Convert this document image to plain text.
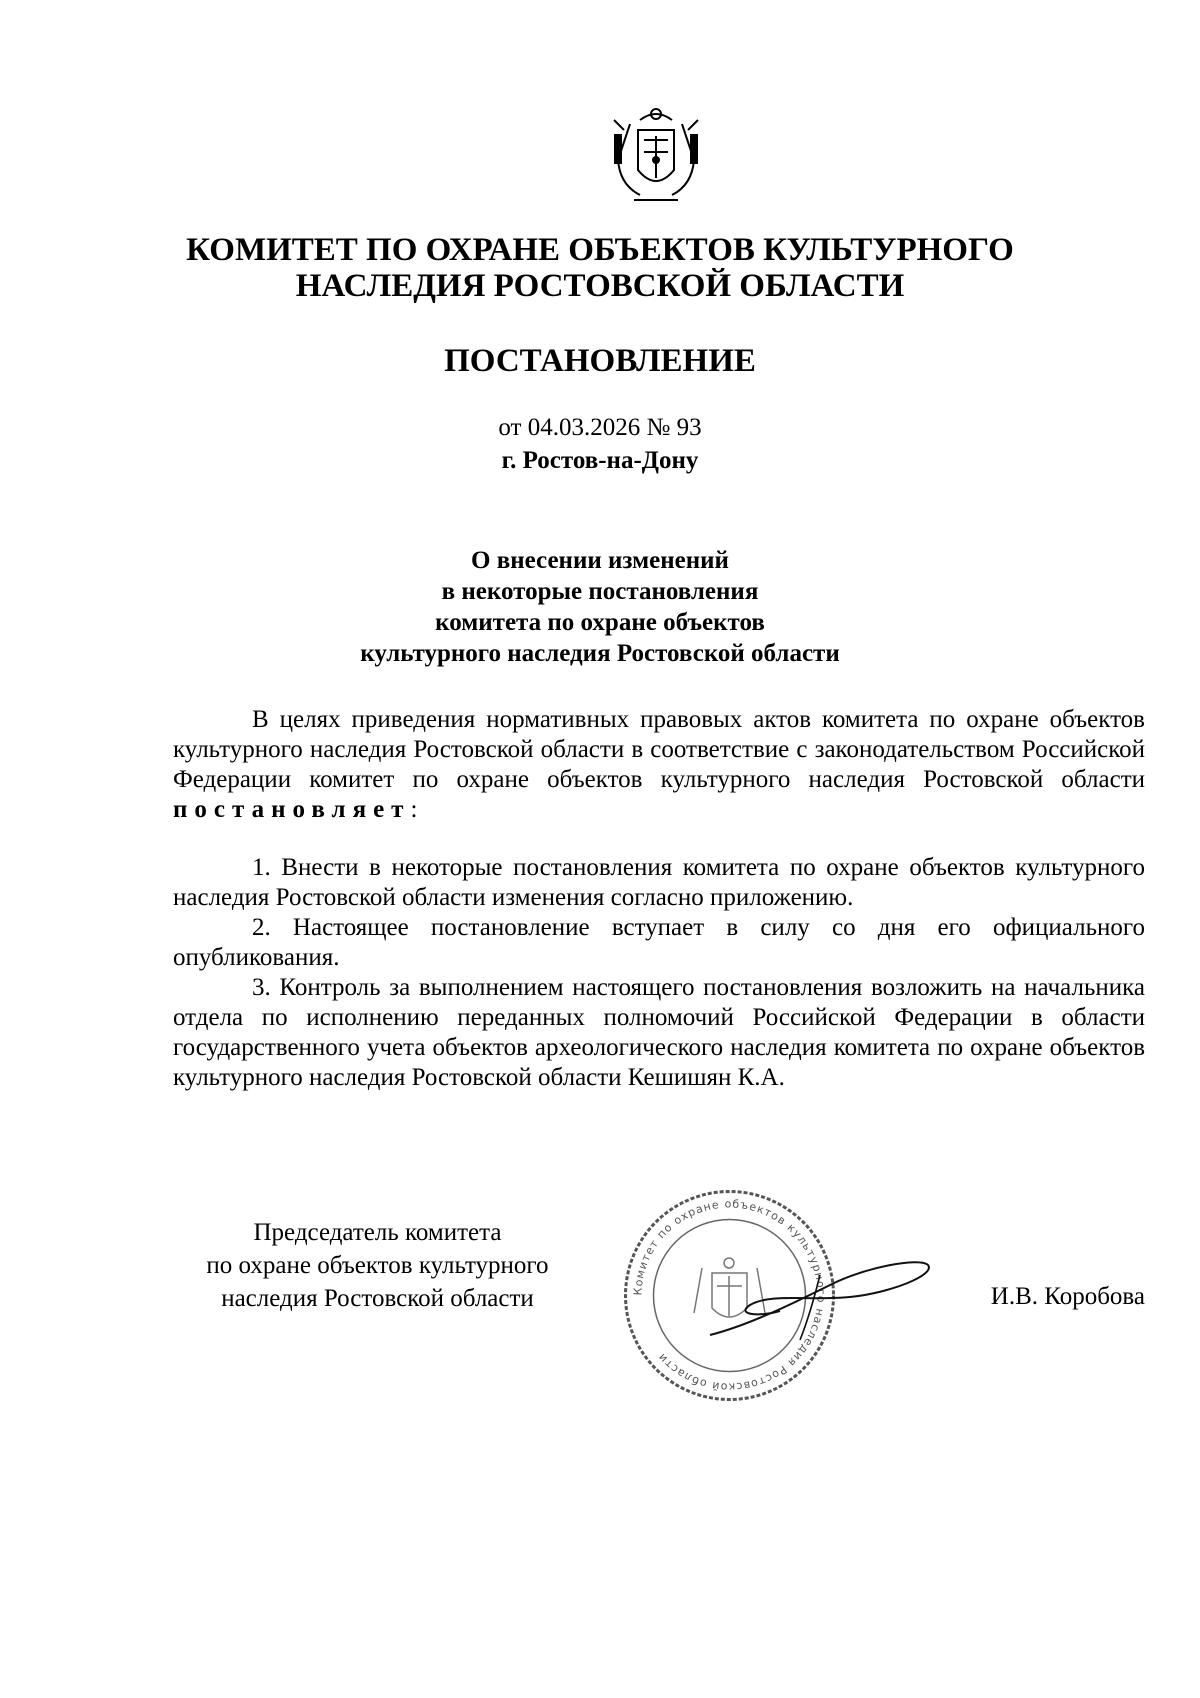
КОМИТЕТ ПО ОХРАНЕ ОБЪЕКТОВ КУЛЬТУРНОГО
НАСЛЕДИЯ РОСТОВСКОЙ ОБЛАСТИ
ПОСТАНОВЛЕНИЕ
от 04.03.2026 № 93
г. Ростов-на-Дону
О внесении изменений
в некоторые постановления
комитета по охране объектов
культурного наследия Ростовской области

В целях приведения нормативных правовых актов комитета по охране объектов культурного наследия Ростовской области в соответствие с законодательством Российской Федерации комитет по охране объектов культурного наследия Ростовской области постановляет:

1. Внести в некоторые постановления комитета по охране объектов культурного наследия Ростовской области изменения согласно приложению.

2. Настоящее постановление вступает в силу со дня его официального опубликования.

3. Контроль за выполнением настоящего постановления возложить на начальника отдела по исполнению переданных полномочий Российской Федерации в области государственного учета объектов археологического наследия комитета по охране объектов культурного наследия Ростовской области Кешишян К.А.

Председатель комитета
по охране объектов культурного
наследия Ростовской области	Комитет по охране объектов культурного наследия Ростовской области
И.В. Коробова
